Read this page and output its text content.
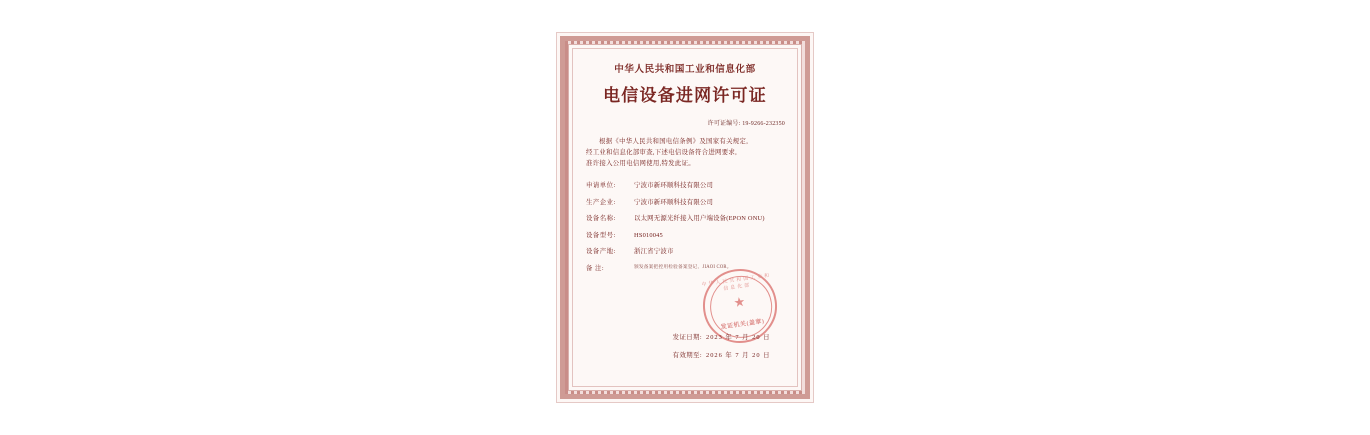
中华人民共和国工业和信息化部
电信设备进网许可证
许可证编号: 19-9266-232350
根据《中华人民共和国电信条例》及国家有关规定,
经工业和信息化部审查,下述电信设备符合进网要求,
准许接入公用电信网使用,特发此证。
申请单位:	宁波市新环顺科技有限公司
生产企业:	宁波市新环顺科技有限公司
设备名称:	以太网无源光纤接入用户端设备(EPON ONU)
设备型号:	HS010045
设备产地:	浙江省宁波市
备 注:	颁发备案把控用检验备案登记、JIAOI COR。
中华人民共和国工业和信息化部
★
发证机关(盖章)
发证日期: 2023 年 7 月 20 日
有效期至: 2026 年 7 月 20 日
